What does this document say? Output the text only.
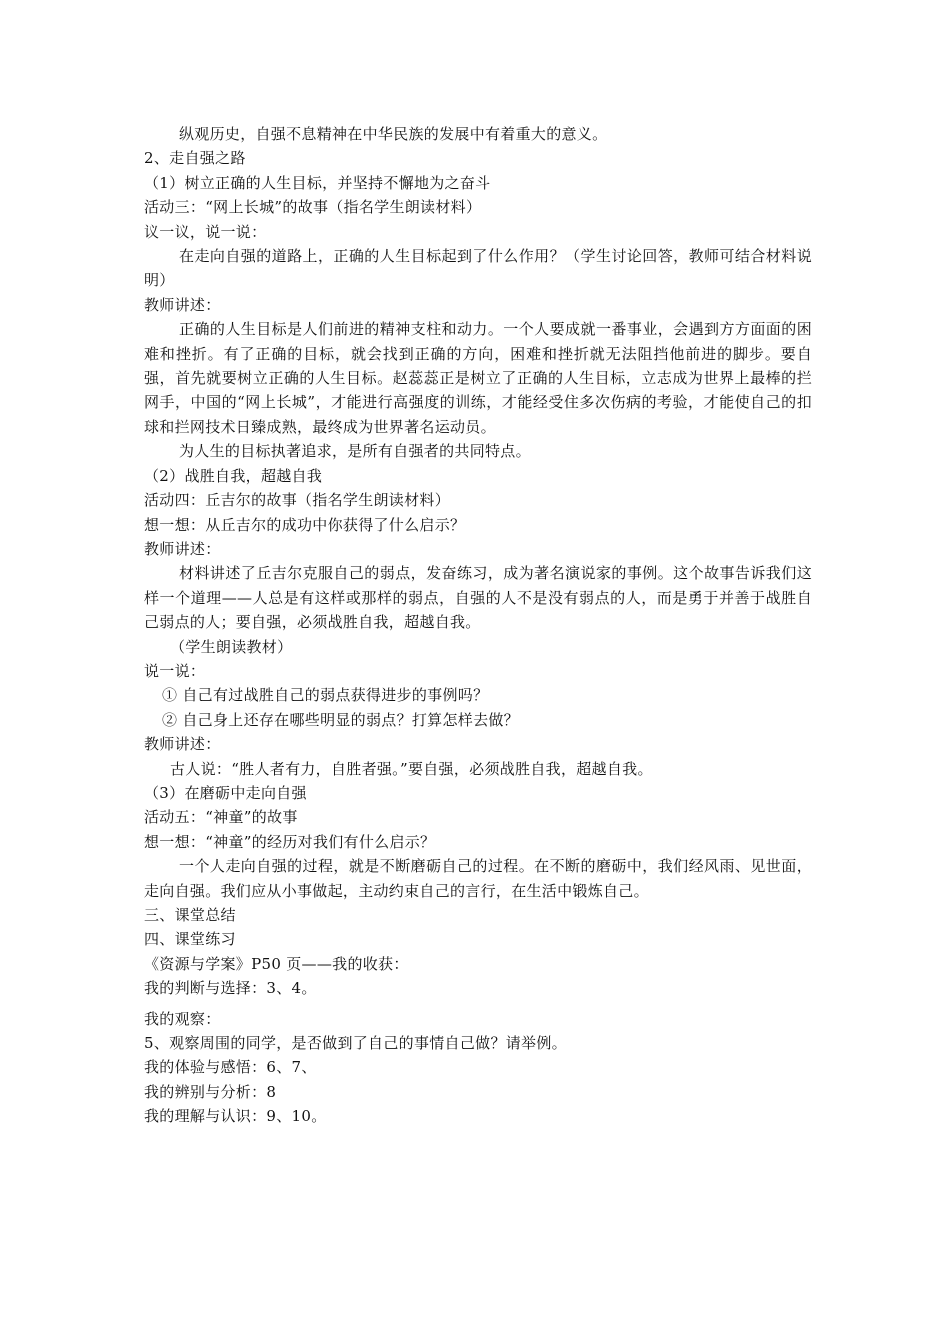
纵观历史，自强不息精神在中华民族的发展中有着重大的意义。

2、走自强之路

（1）树立正确的人生目标，并坚持不懈地为之奋斗

活动三：“网上长城”的故事（指名学生朗读材料）

议一议，说一说：

在走向自强的道路上，正确的人生目标起到了什么作用？（学生讨论回答，教师可结合材料说明）

教师讲述：

正确的人生目标是人们前进的精神支柱和动力。一个人要成就一番事业，会遇到方方面面的困难和挫折。有了正确的目标，就会找到正确的方向，困难和挫折就无法阻挡他前进的脚步。要自强，首先就要树立正确的人生目标。赵蕊蕊正是树立了正确的人生目标，立志成为世界上最棒的拦网手，中国的“网上长城”，才能进行高强度的训练，才能经受住多次伤病的考验，才能使自己的扣球和拦网技术日臻成熟，最终成为世界著名运动员。

为人生的目标执著追求，是所有自强者的共同特点。

（2）战胜自我，超越自我

活动四：丘吉尔的故事（指名学生朗读材料）

想一想：从丘吉尔的成功中你获得了什么启示？

教师讲述：

材料讲述了丘吉尔克服自己的弱点，发奋练习，成为著名演说家的事例。这个故事告诉我们这样一个道理——人总是有这样或那样的弱点，自强的人不是没有弱点的人，而是勇于并善于战胜自己弱点的人；要自强，必须战胜自我，超越自我。

（学生朗读教材）

说一说：

① 自己有过战胜自己的弱点获得进步的事例吗？

② 自己身上还存在哪些明显的弱点？打算怎样去做？

教师讲述：

古人说：“胜人者有力，自胜者强。”要自强，必须战胜自我，超越自我。

（3）在磨砺中走向自强

活动五：“神童”的故事

想一想：“神童”的经历对我们有什么启示？

一个人走向自强的过程，就是不断磨砺自己的过程。在不断的磨砺中，我们经风雨、见世面，走向自强。我们应从小事做起，主动约束自己的言行，在生活中锻炼自己。

三、课堂总结

四、课堂练习

《资源与学案》P50 页——我的收获：

我的判断与选择：3、4。

我的观察：

5、观察周围的同学，是否做到了自己的事情自己做？请举例。

我的体验与感悟：6、7、

我的辨别与分析：8

我的理解与认识：9、10。
